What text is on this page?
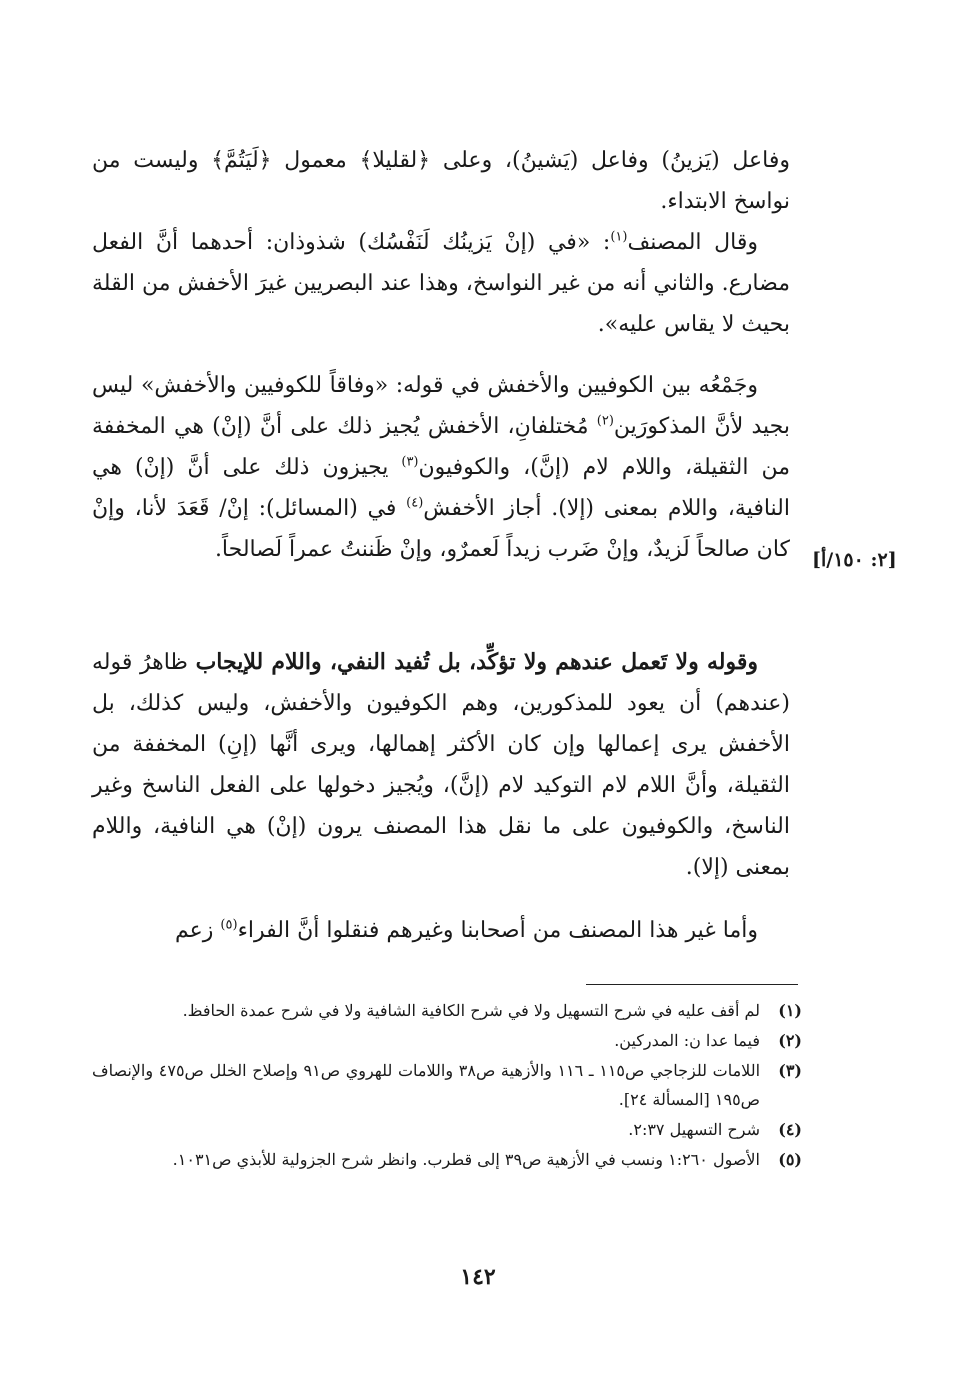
وفاعل (يَزينُ) وفاعل (يَشينُ)، وعلى ﴿لقليلا﴾ معمول ﴿لَيَتُمَّ﴾ وليست من نواسخ الابتداء.
وقال المصنف$^{(١)}$: «في (إنْ يَزينُك لَنَفْسُك) شذوذان: أحدهما أنَّ الفعل مضارع. والثاني أنه من غير النواسخ، وهذا عند البصريين غيرَ الأخفش من القلة بحيث لا يقاس عليه».
وجَمْعُه بين الكوفيين والأخفش في قوله: «وفاقاً للكوفيين والأخفش» ليس بجيد لأنَّ المذكورَين$^{(٢)}$ مُختلفانِ، الأخفش يُجيز ذلك على أنَّ (إنْ) هي المخففة من الثقيلة، واللام لام (إنَّ)، والكوفيون$^{(٣)}$ يجيزون ذلك على أنَّ (إنْ) هي النافية، واللام بمعنى (إلا). أجاز الأخفش$^{(٤)}$ في (المسائل): إنْ/ قَعَدَ لأنا، وإنْ كان صالحاً لَزيدٌ، وإنْ ضَرب زيداً لَعمرٌو، وإنْ ظَننتُ عمراً لَصالحاً. [٢: ١٥٠/أ]
وقوله ولا تَعمل عندهم ولا تؤكِّد، بل تُفيد النفي، واللام للإيجاب ظاهرُ قوله (عندهم) أن يعود للمذكورين، وهم الكوفيون والأخفش، وليس كذلك، بل الأخفش يرى إعمالها وإن كان الأكثر إهمالها، ويرى أنَّها (إنِ) المخففة من الثقيلة، وأنَّ اللام لام التوكيد لام (إنَّ)، ويُجيز دخولها على الفعل الناسخ وغير الناسخ، والكوفيون على ما نقل هذا المصنف يرون (إنْ) هي النافية، واللام بمعنى (إلا).
وأما غير هذا المصنف من أصحابنا وغيرهم فنقلوا أنَّ الفراء$^{(٥)}$ زعم
(١)
لم أقف عليه في شرح التسهيل ولا في شرح الكافية الشافية ولا في شرح عمدة الحافظ.
(٢)
فيما عدا ن: المدركين.
(٣)
اللامات للزجاجي ص١١٥ ـ ١١٦ والأزهية ص٣٨ واللامات للهروي ص٩١ وإصلاح الخلل ص٤٧٥ والإنصاف ص١٩٥ [المسألة ٢٤].
(٤)
شرح التسهيل ٢:٣٧.
(٥)
الأصول ١:٢٦٠ ونسب في الأزهية ص٣٩ إلى قطرب. وانظر شرح الجزولية للأبذي ص١٠٣١.
١٤٢
